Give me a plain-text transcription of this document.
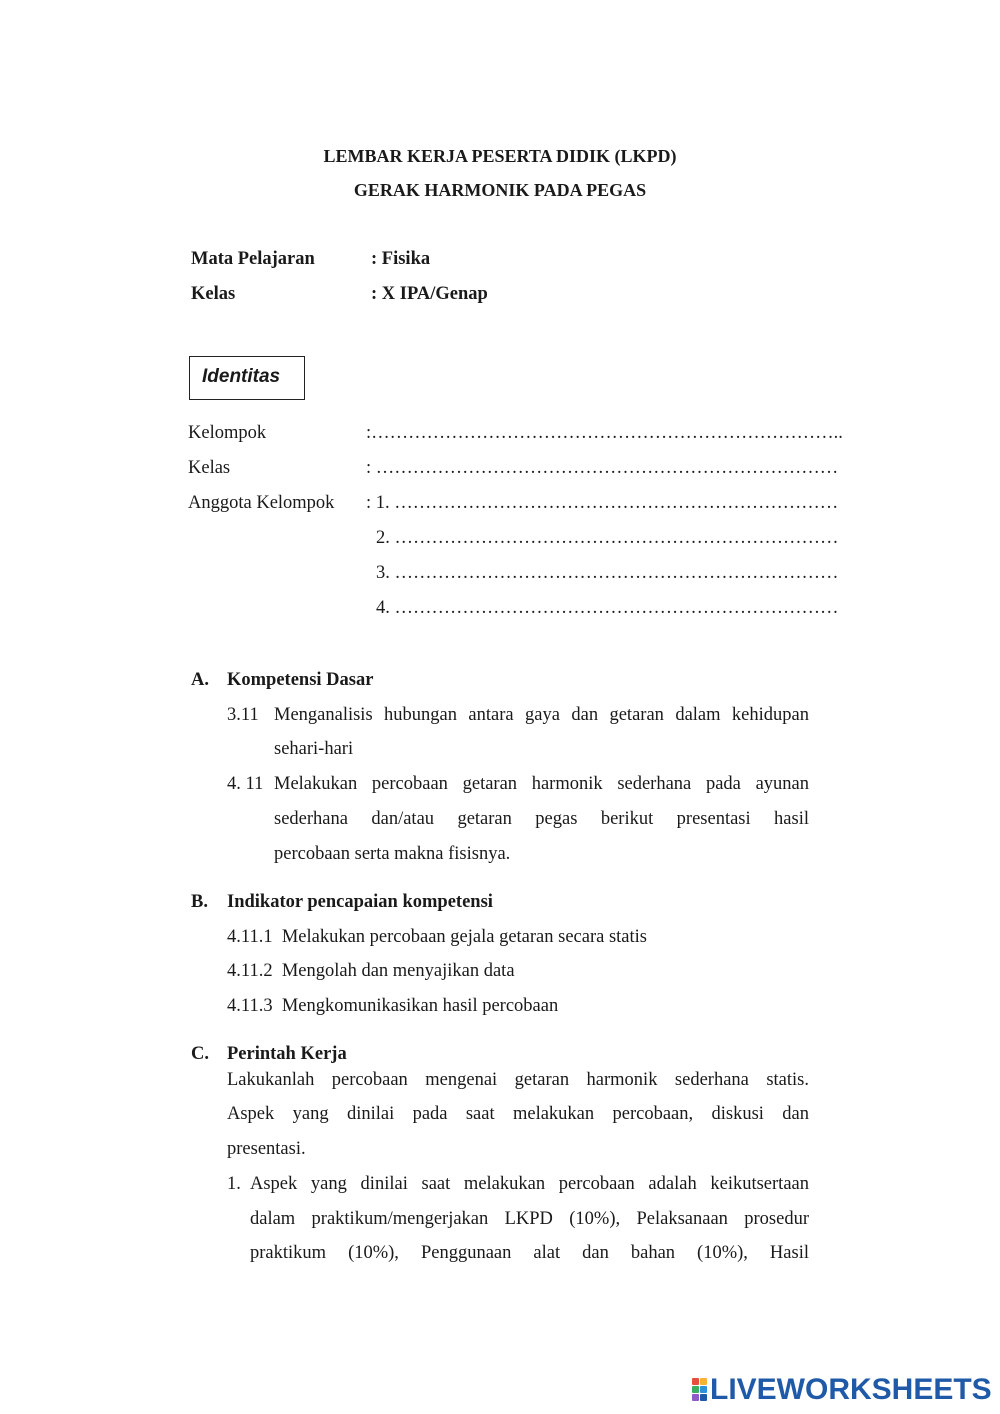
LEMBAR KERJA PESERTA DIDIK (LKPD)
GERAK HARMONIK PADA PEGAS
Mata Pelajaran	: Fisika
Kelas	: X IPA/Genap
Identitas
Kelompok	:…………………………………………………………………..
Kelas	: …………………………………………………………………
Anggota Kelompok : 1. ………………………………………………………………
2. ………………………………………………………………
3. ………………………………………………………………
4. ………………………………………………………………
A. Kompetensi Dasar
3.11 Menganalisis hubungan antara gaya dan getaran dalam kehidupan
sehari-hari
4. 11 Melakukan percobaan getaran harmonik sederhana pada ayunan
sederhana dan/atau getaran pegas berikut presentasi hasil
percobaan serta makna fisisnya.
B. Indikator pencapaian kompetensi
4.11.1  Melakukan percobaan gejala getaran secara statis
4.11.2  Mengolah dan menyajikan data
4.11.3  Mengkomunikasikan hasil percobaan
C. Perintah Kerja
Lakukanlah percobaan mengenai getaran harmonik sederhana statis.
Aspek yang dinilai pada saat melakukan percobaan, diskusi dan
presentasi.
1. Aspek yang dinilai saat melakukan percobaan adalah keikutsertaan
dalam praktikum/mengerjakan LKPD (10%), Pelaksanaan prosedur
praktikum (10%), Penggunaan alat dan bahan (10%), Hasil
LIVEWORKSHEETS
